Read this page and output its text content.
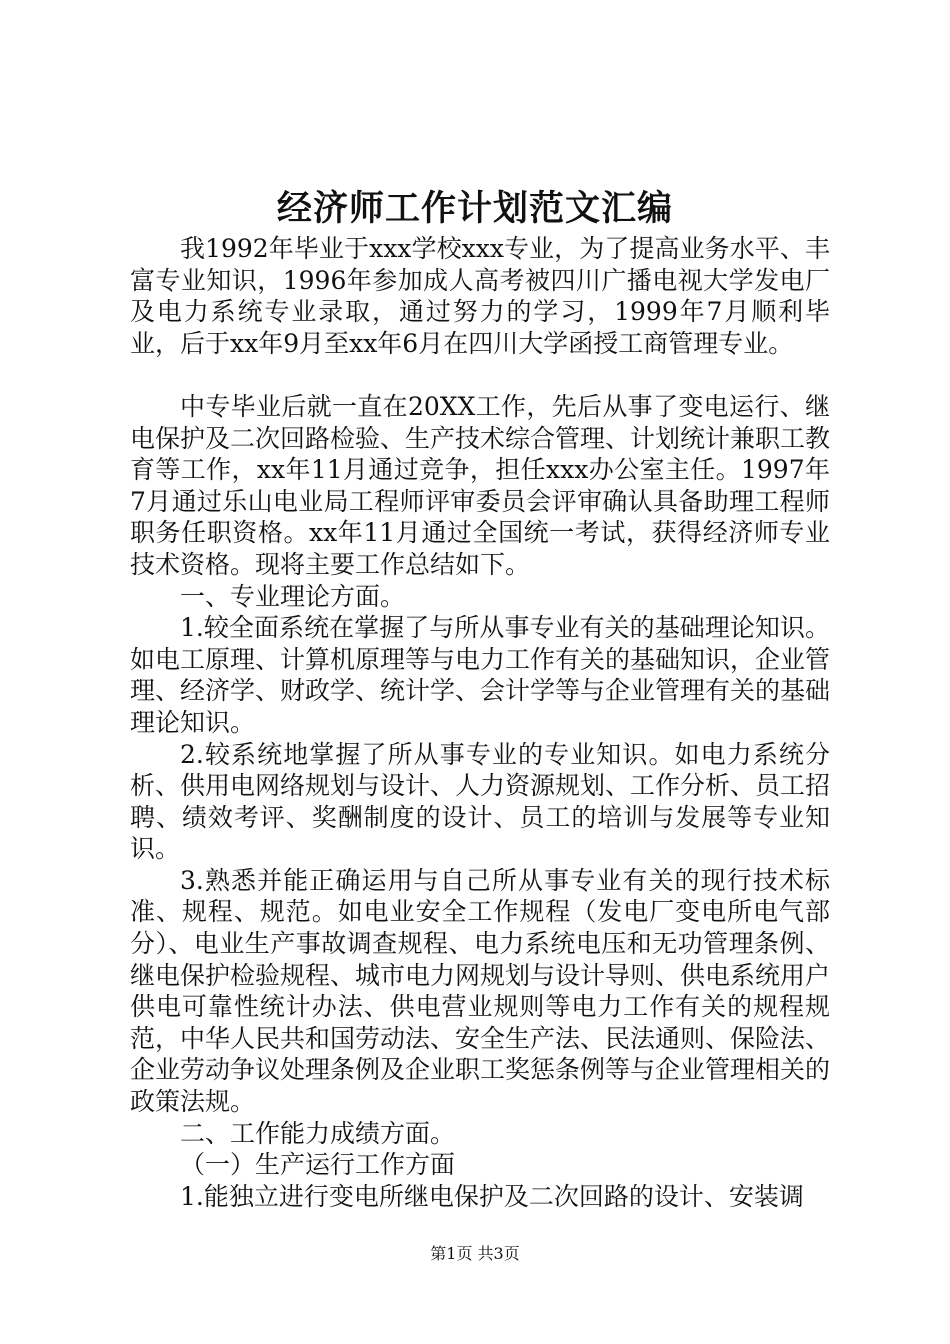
经济师工作计划范文汇编

我1992年毕业于xxx学校xxx专业，为了提高业务水平、丰富专业知识，1996年参加成人高考被四川广播电视大学发电厂及电力系统专业录取，通过努力的学习，1999年7月顺利毕业，后于xx年9月至xx年6月在四川大学函授工商管理专业。

中专毕业后就一直在20XX工作，先后从事了变电运行、继电保护及二次回路检验、生产技术综合管理、计划统计兼职工教育等工作，xx年11月通过竞争，担任xxx办公室主任。1997年7月通过乐山电业局工程师评审委员会评审确认具备助理工程师职务任职资格。xx年11月通过全国统一考试，获得经济师专业技术资格。现将主要工作总结如下。

一、专业理论方面。

1.较全面系统在掌握了与所从事专业有关的基础理论知识。如电工原理、计算机原理等与电力工作有关的基础知识，企业管理、经济学、财政学、统计学、会计学等与企业管理有关的基础理论知识。

2.较系统地掌握了所从事专业的专业知识。如电力系统分析、供用电网络规划与设计、人力资源规划、工作分析、员工招聘、绩效考评、奖酬制度的设计、员工的培训与发展等专业知识。

3.熟悉并能正确运用与自己所从事专业有关的现行技术标准、规程、规范。如电业安全工作规程（发电厂变电所电气部分）、电业生产事故调查规程、电力系统电压和无功管理条例、继电保护检验规程、城市电力网规划与设计导则、供电系统用户供电可靠性统计办法、供电营业规则等电力工作有关的规程规范，中华人民共和国劳动法、安全生产法、民法通则、保险法、企业劳动争议处理条例及企业职工奖惩条例等与企业管理相关的政策法规。

二、工作能力成绩方面。

（一）生产运行工作方面

1.能独立进行变电所继电保护及二次回路的设计、安装调

第1页 共3页
